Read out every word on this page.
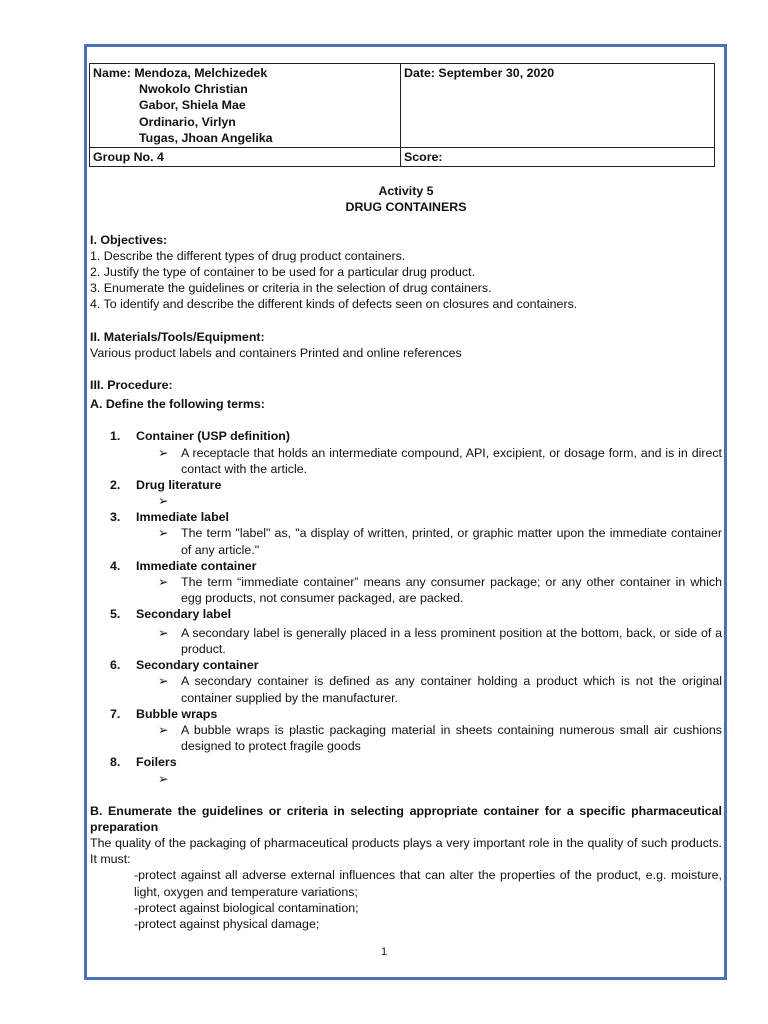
Name: Mendoza, Melchizedek
Nwokolo Christian
Gabor, Shiela Mae
Ordinario, Virlyn
Tugas, Jhoan Angelika	Date: September 30, 2020
Group No. 4	Score:

Activity 5

DRUG CONTAINERS

I. Objectives:

1. Describe the different types of drug product containers.

2. Justify the type of container to be used for a particular drug product.

3. Enumerate the guidelines or criteria in the selection of drug containers.

4. To identify and describe the different kinds of defects seen on closures and containers.

II. Materials/Tools/Equipment:

Various product labels and containers Printed and online references

III. Procedure:

A. Define the following terms:

1. Container (USP definition)
➢ A receptacle that holds an intermediate compound, API, excipient, or dosage form, and is in direct contact with the article.
2. Drug literature
➢
3. Immediate label
➢ The term "label" as, "a display of written, printed, or graphic matter upon the immediate container of any article."
4. Immediate container
➢ The term “immediate container” means any consumer package; or any other container in which egg products, not consumer packaged, are packed.
5. Secondary label
➢ A secondary label is generally placed in a less prominent position at the bottom, back, or side of a product.
6. Secondary container
➢ A secondary container is defined as any container holding a product which is not the original container supplied by the manufacturer.
7. Bubble wraps
➢ A bubble wraps is plastic packaging material in sheets containing numerous small air cushions designed to protect fragile goods
8. Foilers
➢

B. Enumerate the guidelines or criteria in selecting appropriate container for a specific pharmaceutical preparation

The quality of the packaging of pharmaceutical products plays a very important role in the quality of such products. It must:

-protect against all adverse external influences that can alter the properties of the product, e.g. moisture, light, oxygen and temperature variations;

-protect against biological contamination;

-protect against physical damage;

1
